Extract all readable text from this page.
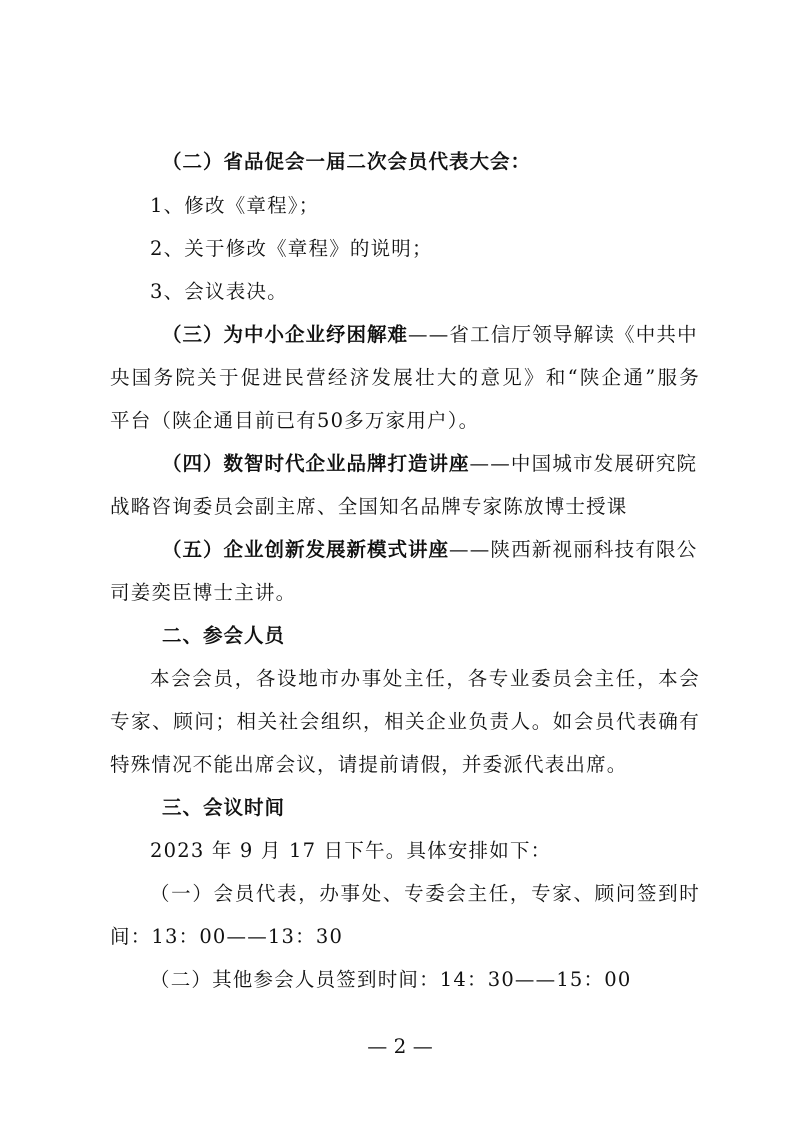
（二）省品促会一届二次会员代表大会：
1、修改《章程》；
2、关于修改《章程》的说明；
3、会议表决。
（三）为中小企业纾困解难——省工信厅领导解读《中共中
央国务院关于促进民营经济发展壮大的意见》和“陕企通”服务
平台（陕企通目前已有50多万家用户）。
（四）数智时代企业品牌打造讲座——中国城市发展研究院
战略咨询委员会副主席、全国知名品牌专家陈放博士授课
（五）企业创新发展新模式讲座——陕西新视丽科技有限公
司姜奕臣博士主讲。
二、参会人员
本会会员，各设地市办事处主任，各专业委员会主任，本会
专家、顾问；相关社会组织，相关企业负责人。如会员代表确有
特殊情况不能出席会议，请提前请假，并委派代表出席。
三、会议时间
2023 年 9 月 17 日下午。具体安排如下：
（一）会员代表，办事处、专委会主任，专家、顾问签到时
间：13：00——13：30
（二）其他参会人员签到时间：14：30——15：00
— 2 —
